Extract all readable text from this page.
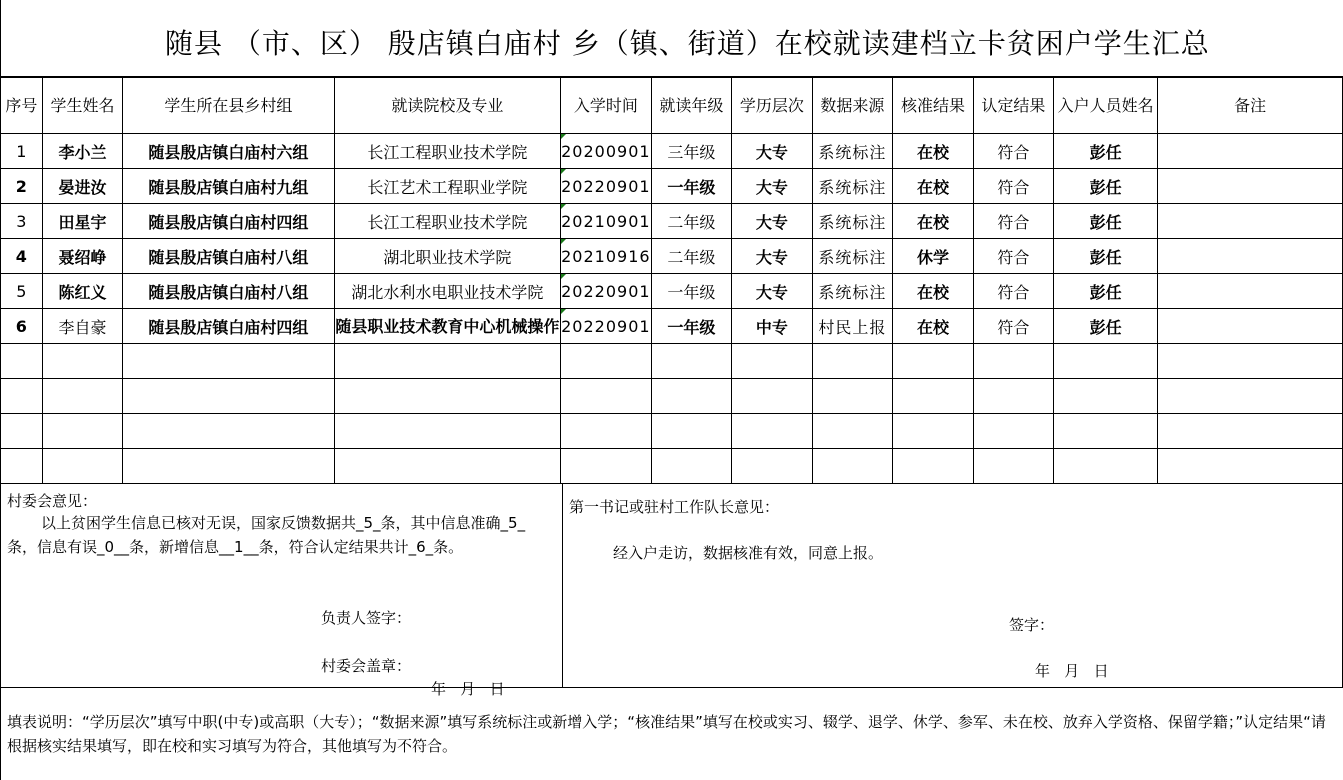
随县 （市、区） 殷店镇白庙村 乡（镇、街道）在校就读建档立卡贫困户学生汇总
序号	学生姓名	学生所在县乡村组	就读院校及专业	入学时间	就读年级	学历层次	数据来源	核准结果	认定结果	入户人员姓名	备注
1	李小兰	随县殷店镇白庙村六组	长江工程职业技术学院	20200901	三年级	大专	系统标注	在校	符合	彭任	
2	晏进汝	随县殷店镇白庙村九组	长江艺术工程职业学院	20220901	一年级	大专	系统标注	在校	符合	彭任	
3	田星宇	随县殷店镇白庙村四组	长江工程职业技术学院	20210901	二年级	大专	系统标注	在校	符合	彭任	
4	聂绍峥	随县殷店镇白庙村八组	湖北职业技术学院	20210916	二年级	大专	系统标注	休学	符合	彭任	
5	陈红义	随县殷店镇白庙村八组	湖北水利水电职业技术学院	20220901	一年级	大专	系统标注	在校	符合	彭任	
6	李自豪	随县殷店镇白庙村四组	随县职业技术教育中心机械操作	20220901	一年级	中专	村民上报	在校	符合	彭任	

村委会意见：
以上贫困学生信息已核对无误，国家反馈数据共_5_条，其中信息准确_5_条，信息有误_0__条，新增信息__1__条，符合认定结果共计_6_条。
负责人签字：
村委会盖章：
年   月   日
第一书记或驻村工作队长意见：
经入户走访，数据核准有效，同意上报。
签字：
年   月   日
填表说明：“学历层次”填写中职(中专)或高职（大专）；“数据来源”填写系统标注或新增入学；“核准结果”填写在校或实习、辍学、退学、休学、参军、未在校、放弃入学资格、保留学籍；”认定结果“请根据核实结果填写，即在校和实习填写为符合，其他填写为不符合。
